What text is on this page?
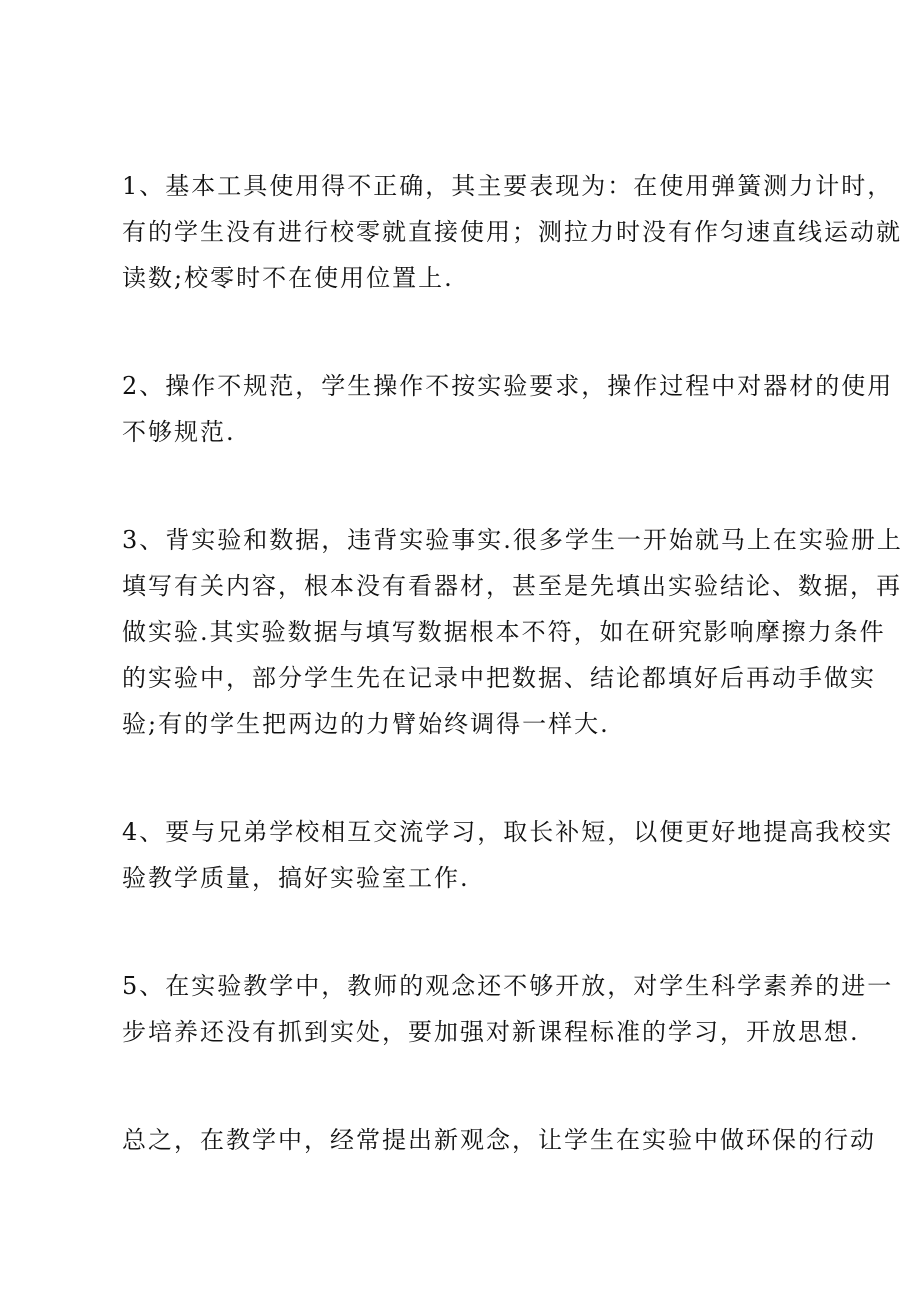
1、基本工具使用得不正确，其主要表现为：在使用弹簧测力计时，
有的学生没有进行校零就直接使用；测拉力时没有作匀速直线运动就
读数;校零时不在使用位置上.
2、操作不规范，学生操作不按实验要求，操作过程中对器材的使用
不够规范.
3、背实验和数据，违背实验事实.很多学生一开始就马上在实验册上
填写有关内容，根本没有看器材，甚至是先填出实验结论、数据，再
做实验.其实验数据与填写数据根本不符，如在研究影响摩擦力条件
的实验中，部分学生先在记录中把数据、结论都填好后再动手做实
验;有的学生把两边的力臂始终调得一样大.
4、要与兄弟学校相互交流学习，取长补短，以便更好地提高我校实
验教学质量，搞好实验室工作.
5、在实验教学中，教师的观念还不够开放，对学生科学素养的进一
步培养还没有抓到实处，要加强对新课程标准的学习，开放思想.
总之，在教学中，经常提出新观念，让学生在实验中做环保的行动
